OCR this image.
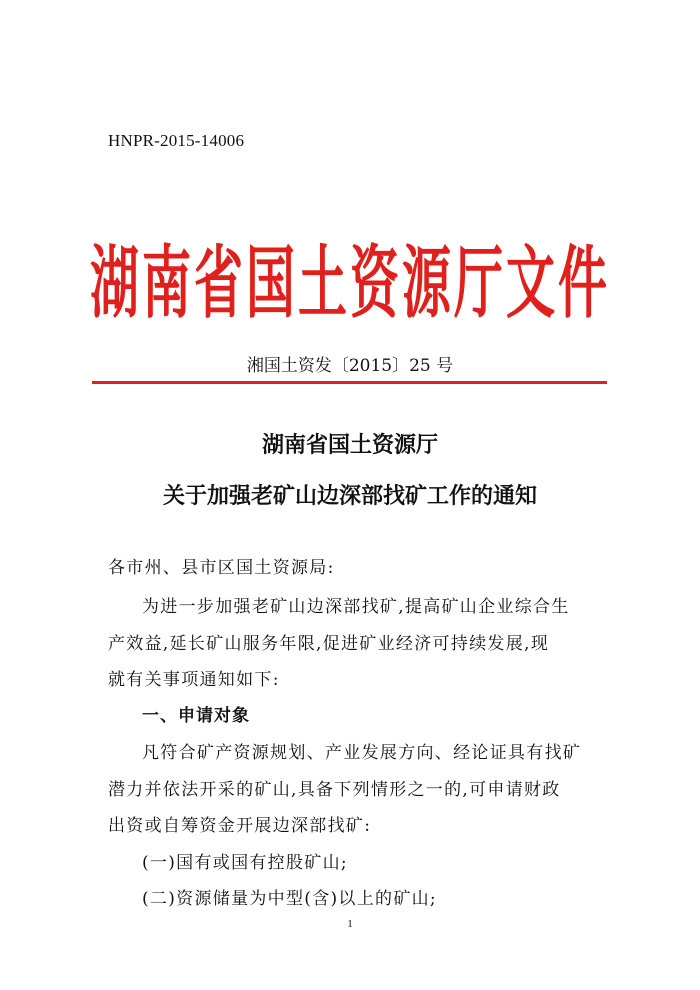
HNPR-2015-14006
湖南省国土资源厅文件
湘国土资发〔2015〕25 号
湖南省国土资源厅
关于加强老矿山边深部找矿工作的通知
各市州、县市区国土资源局:
为进一步加强老矿山边深部找矿,提高矿山企业综合生
产效益,延长矿山服务年限,促进矿业经济可持续发展,现
就有关事项通知如下:
一、申请对象
凡符合矿产资源规划、产业发展方向、经论证具有找矿
潜力并依法开采的矿山,具备下列情形之一的,可申请财政
出资或自筹资金开展边深部找矿:
(一)国有或国有控股矿山;
(二)资源储量为中型(含)以上的矿山;
1
